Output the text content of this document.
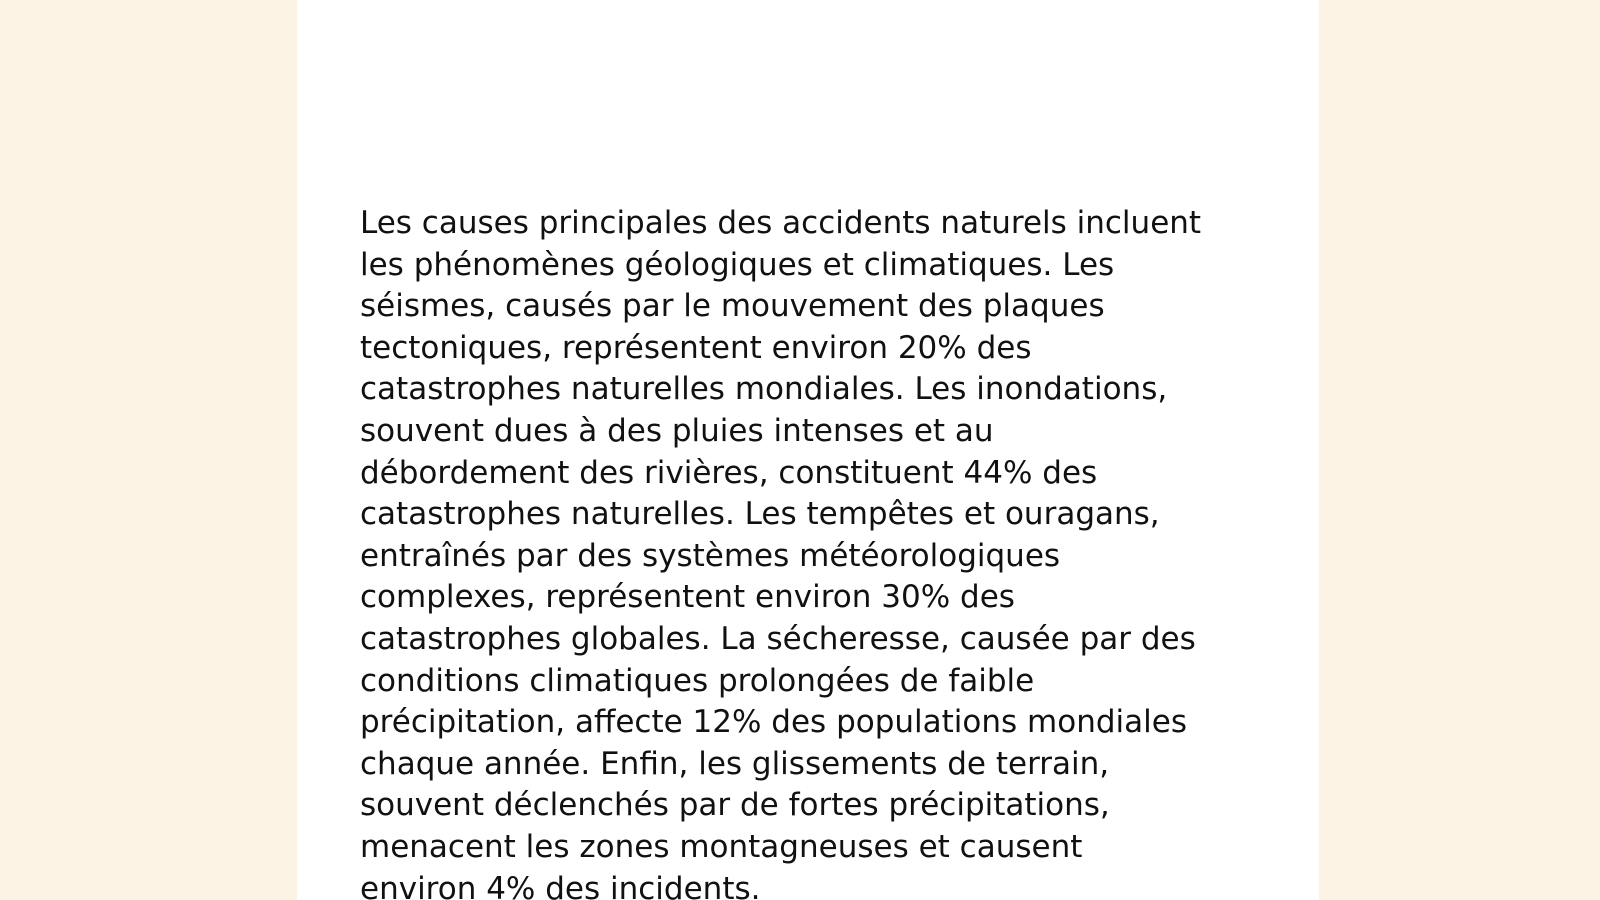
Les causes principales des accidents naturels incluent
les phénomènes géologiques et climatiques. Les
séismes, causés par le mouvement des plaques
tectoniques, représentent environ 20% des
catastrophes naturelles mondiales. Les inondations,
souvent dues à des pluies intenses et au
débordement des rivières, constituent 44% des
catastrophes naturelles. Les tempêtes et ouragans,
entraînés par des systèmes météorologiques
complexes, représentent environ 30% des
catastrophes globales. La sécheresse, causée par des
conditions climatiques prolongées de faible
précipitation, affecte 12% des populations mondiales
chaque année. Enfin, les glissements de terrain,
souvent déclenchés par de fortes précipitations,
menacent les zones montagneuses et causent
environ 4% des incidents.
